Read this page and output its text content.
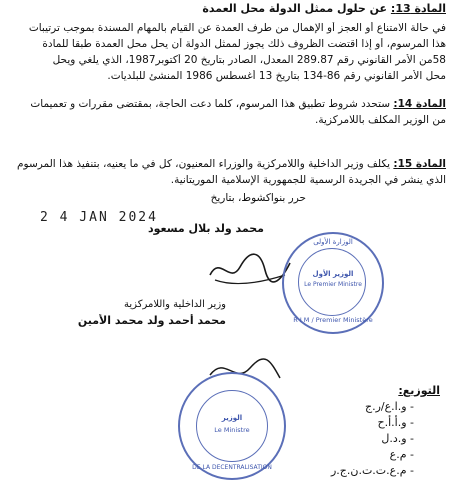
المادة 13: عن حلول ممثل الدولة محل العمدة
في حالة الامتناع أو العجز أو الإهمال من طرف العمدة عن القيام بالمهام المسندة بموجب ترتيبات
هذا المرسوم، أو إذا اقتضت الظروف ذلك يجوز لممثل الدولة أن يحل محل العمدة طبقا للمادة
58من الأمر القانوني رقم 289.87 المعدل، الصادر بتاريخ 20 أكتوبر1987، الذي يلغي ويحل
محل الأمر القانوني رقم 86-134 بتاريخ 13 أغسطس 1986 المنشئ للبلديات.
المادة 14: ستحدد شروط تطبيق هذا المرسوم، كلما دعت الحاجة، بمقتضى مقررات و تعميمات
من الوزير المكلف باللامركزية.
المادة 15: يكلف وزير الداخلية واللامركزية والوزراء المعنيون، كل في ما يعنيه، بتنفيذ هذا المرسوم
الذي ينشر في الجريدة الرسمية للجمهورية الإسلامية الموريتانية.
حرر بنواكشوط، بتاريخ
2 4 JAN 2024
محمد ولد بلال مسعود
الوزارة الأولى
الوزير الأول
Le Premier Ministre
R I M / Premier Ministère
وزير الداخلية واللامركزية
محمد أحمد ولد محمد الأمين
الوزير
Le Ministre
DE LA DECENTRALISATION
التوزيع:
- و.ا.ع/ر.ج
- و.أ.أ.ح
- و.د.ل
- م.ع
- م.ع.ت.ت.ن.ج.ر
